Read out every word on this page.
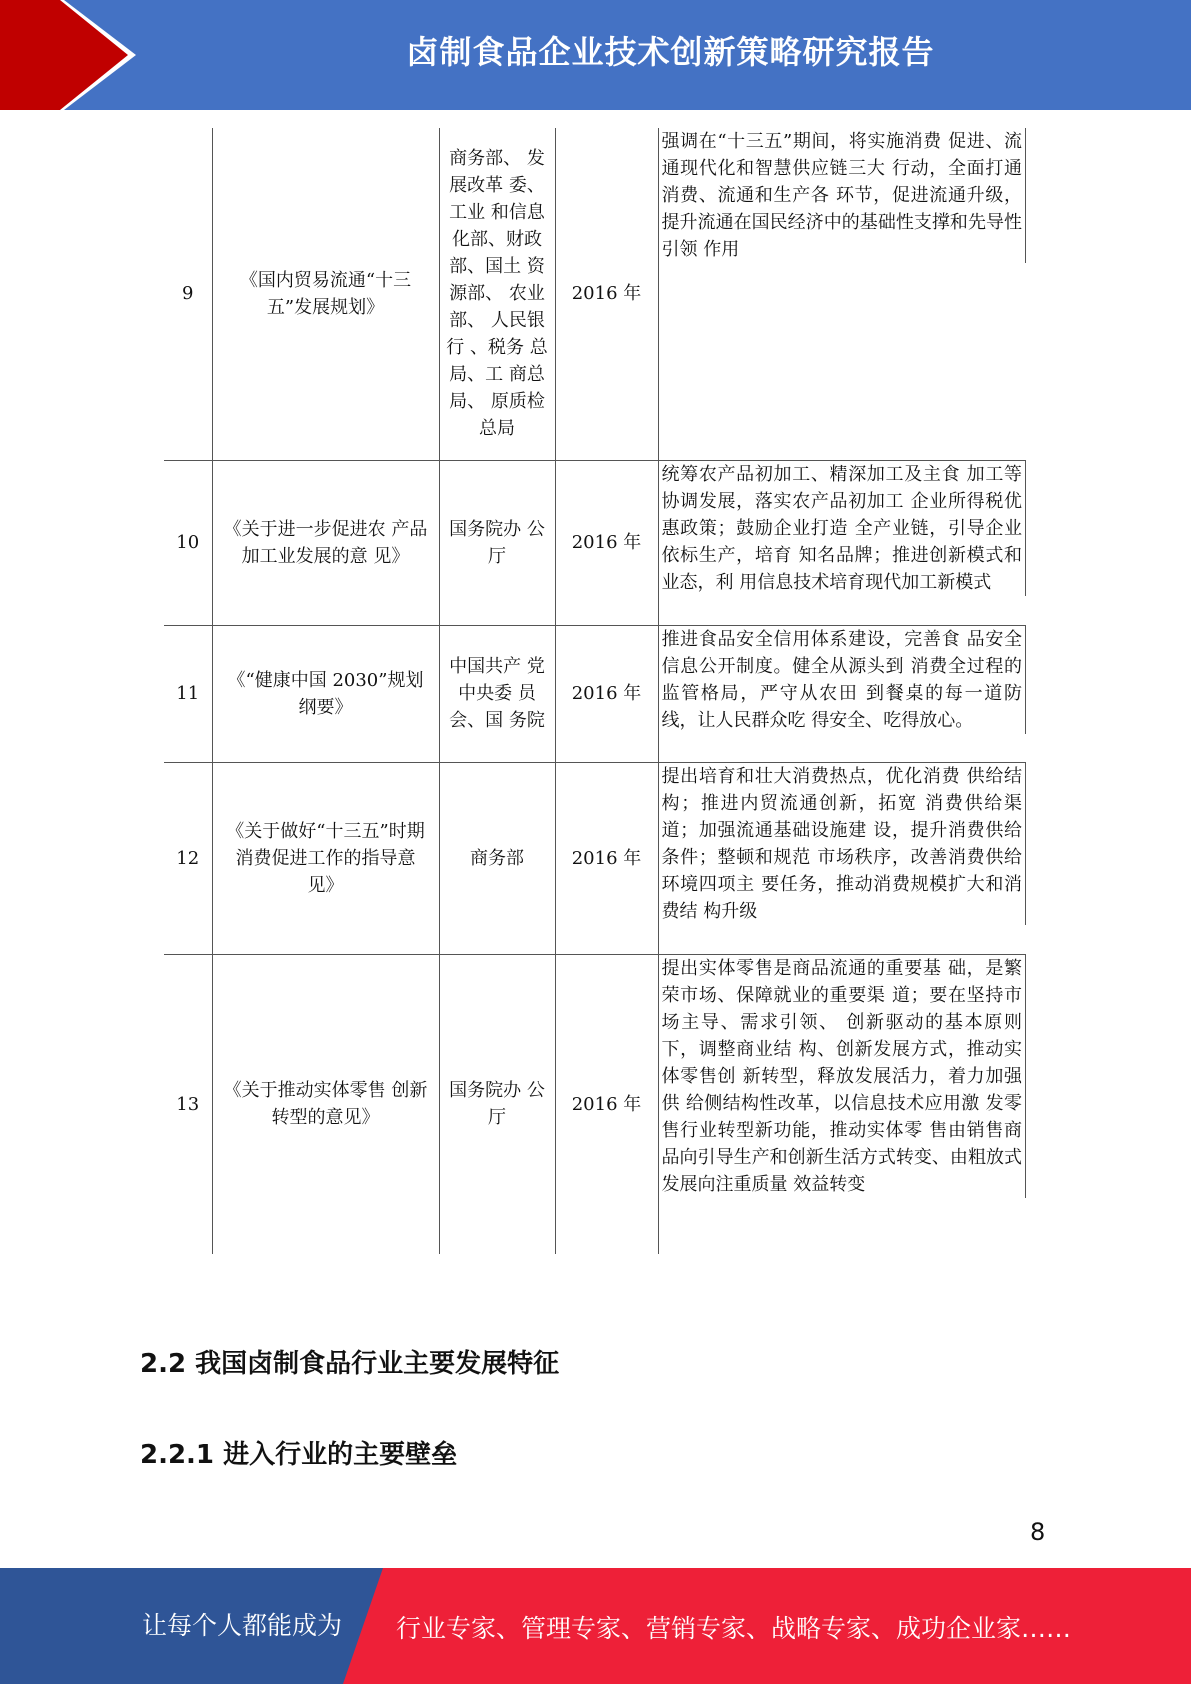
卤制食品企业技术创新策略研究报告
9	《国内贸易流通“十三五”发展规划》	商务部、 发展改革 委、工业 和信息化部、财政部、国土 资源部、 农业部、 人民银行 、税务 总局、工 商总局、 原质检总局	2016 年	强调在“十三五”期间，将实施消费 促进、流通现代化和智慧供应链三大 行动，全面打通消费、流通和生产各 环节，促进流通升级，提升流通在国民经济中的基础性支撑和先导性引领 作用

10	《关于进一步促进农 产品加工业发展的意 见》	国务院办 公厅	2016 年	统筹农产品初加工、精深加工及主食 加工等协调发展，落实农产品初加工 企业所得税优惠政策；鼓励企业打造 全产业链，引导企业依标生产，培育 知名品牌；推进创新模式和业态，利 用信息技术培育现代加工新模式

11	《“健康中国 2030”规划纲要》	中国共产 党中央委 员会、国 务院	2016 年	推进食品安全信用体系建设，完善食 品安全信息公开制度。健全从源头到 消费全过程的监管格局，严守从农田 到餐桌的每一道防线，让人民群众吃 得安全、吃得放心。

12	《关于做好“十三五”时期消费促进工作的指导意见》	商务部	2016 年	提出培育和壮大消费热点，优化消费 供给结构；推进内贸流通创新，拓宽 消费供给渠道；加强流通基础设施建 设，提升消费供给条件；整顿和规范 市场秩序，改善消费供给环境四项主 要任务，推动消费规模扩大和消费结 构升级

13	《关于推动实体零售 创新转型的意见》	国务院办 公厅	2016 年	提出实体零售是商品流通的重要基 础，是繁荣市场、保障就业的重要渠 道；要在坚持市场主导、需求引领、 创新驱动的基本原则下，调整商业结 构、创新发展方式，推动实体零售创 新转型，释放发展活力，着力加强供 给侧结构性改革，以信息技术应用激 发零售行业转型新功能，推动实体零 售由销售商品向引导生产和创新生活方式转变、由粗放式发展向注重质量 效益转变
2.2 我国卤制食品行业主要发展特征
2.2.1 进入行业的主要壁垒
8
让每个人都能成为 行业专家、管理专家、营销专家、战略专家、成功企业家……
